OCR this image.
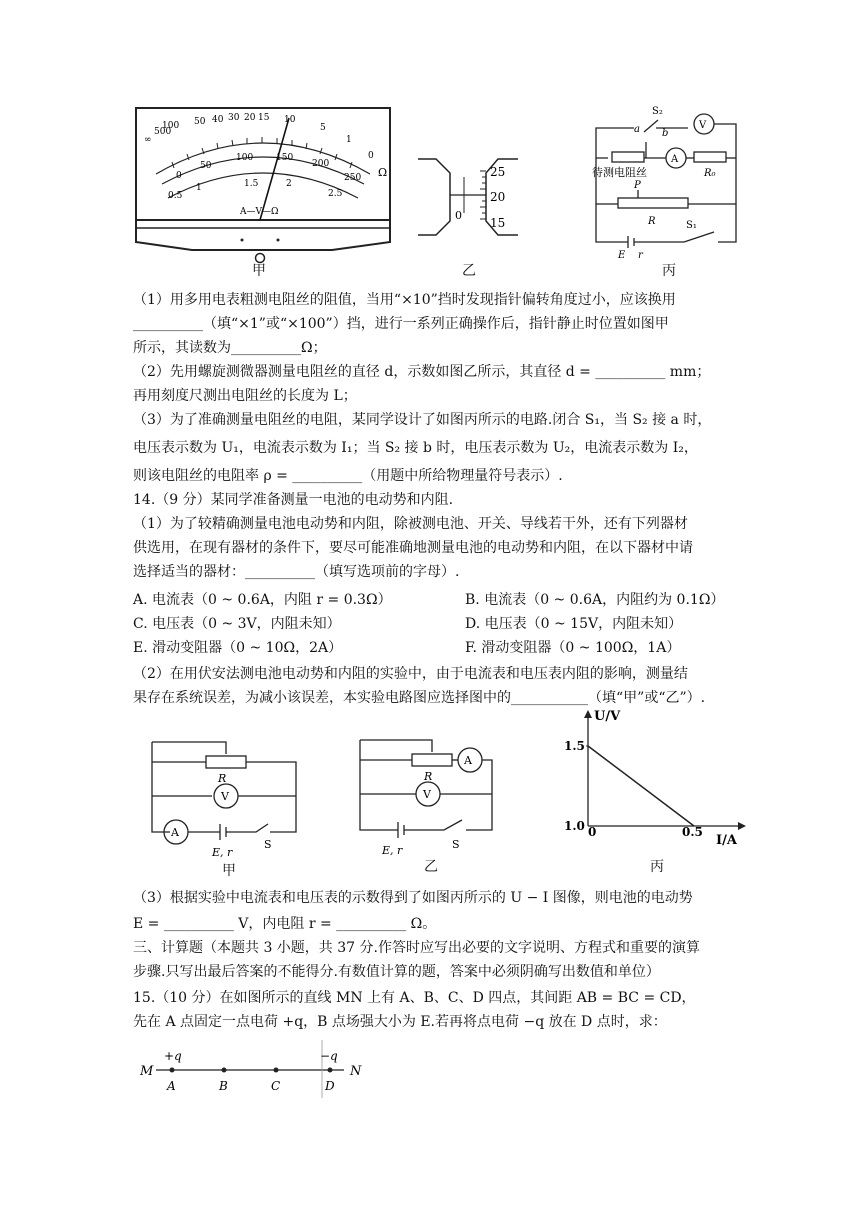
∞
500
100 50 40 30 20 15 10
5
1
0
Ω
0
50
100	150
200
250
0.5
1	1.5	2
2.5
A—V—Ω
甲
25
20
15
0
乙
S₂
a b
V
A
待测电阻丝	R₀
P
R	S₁
E r
丙
（1）用多用电表粗测电阻丝的阻值，当用“×10”挡时发现指针偏转角度过小，应该换用
__________（填“×1”或“×100”）挡，进行一系列正确操作后，指针静止时位置如图甲
所示，其读数为__________Ω；
（2）先用螺旋测微器测量电阻丝的直径 d，示数如图乙所示，其直径 d = __________ mm；
再用刻度尺测出电阻丝的长度为 L；
（3）为了准确测量电阻丝的电阻，某同学设计了如图丙所示的电路.闭合 S₁，当 S₂ 接 a 时，
电压表示数为 U₁，电流表示数为 I₁；当 S₂ 接 b 时，电压表示数为 U₂，电流表示数为 I₂，
则该电阻丝的电阻率 ρ = __________（用题中所给物理量符号表示）.
14.（9 分）某同学准备测量一电池的电动势和内阻.
（1）为了较精确测量电池电动势和内阻，除被测电池、开关、导线若干外，还有下列器材
供选用，在现有器材的条件下，要尽可能准确地测量电池的电动势和内阻，在以下器材中请
选择适当的器材：__________（填写选项前的字母）.
A. 电流表（0 ~ 0.6A，内阻 r = 0.3Ω）	B. 电流表（0 ~ 0.6A，内阻约为 0.1Ω）
C. 电压表（0 ~ 3V，内阻未知）	D. 电压表（0 ~ 15V，内阻未知）
E. 滑动变阻器（0 ~ 10Ω，2A）	F. 滑动变阻器（0 ~ 100Ω，1A）
（2）在用伏安法测电池电动势和内阻的实验中，由于电流表和电压表内阻的影响，测量结
果存在系统误差，为减小该误差，本实验电路图应选择图中的___________（填“甲”或“乙”）.
R
V
A
E, r
S
甲
R
A
V
E, r	S
乙
U/V
I/A
1.5
1.0 0	0.5
丙
（3）根据实验中电流表和电压表的示数得到了如图丙所示的 U − I 图像，则电池的电动势
E = __________ V，内电阻 r = __________ Ω。
三、计算题（本题共 3 小题，共 37 分.作答时应写出必要的文字说明、方程式和重要的演算
步骤.只写出最后答案的不能得分.有数值计算的题，答案中必须阴确写出数值和单位）
15.（10 分）在如图所示的直线 MN 上有 A、B、C、D 四点，其间距 AB = BC = CD，
先在 A 点固定一点电荷 +q，B 点场强大小为 E.若再将点电荷 −q 放在 D 点时，求：
M	N
+q	−q
A	B	C	D
